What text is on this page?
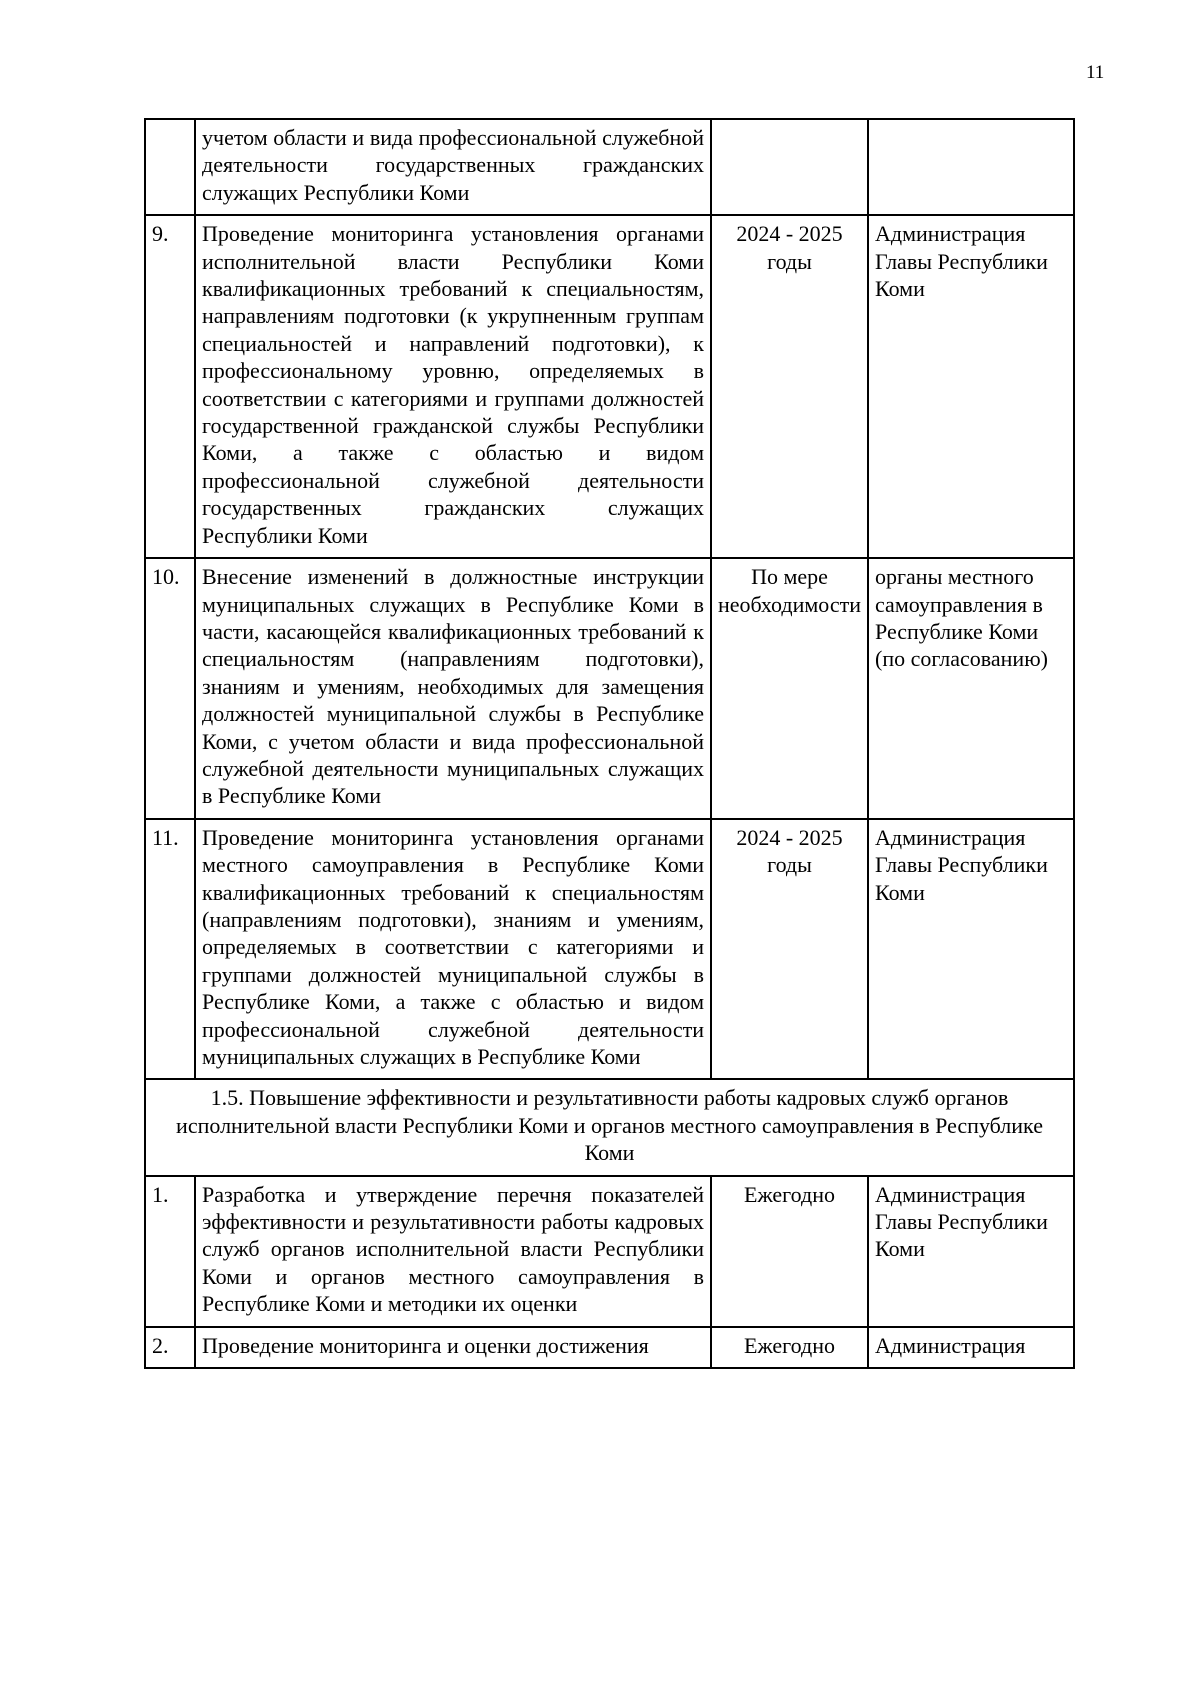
11
	учетом области и вида профессиональной служебной деятельности государственных гражданских служащих Республики Коми		
9.	Проведение мониторинга установления органами исполнительной власти Республики Коми квалификационных требований к специальностям, направлениям подготовки (к укрупненным группам специальностей и направлений подготовки), к профессиональному уровню, определяемых в соответствии с категориями и группами должностей государственной гражданской службы Республики Коми, а также с областью и видом профессиональной служебной деятельности государственных гражданских служащих Республики Коми	2024 - 2025 годы	Администрация Главы Республики Коми
10.	Внесение изменений в должностные инструкции муниципальных служащих в Республике Коми в части, касающейся квалификационных требований к специальностям (направлениям подготовки), знаниям и умениям, необходимых для замещения должностей муниципальной службы в Республике Коми, с учетом области и вида профессиональной служебной деятельности муниципальных служащих в Республике Коми	По мере необходимости	органы местного самоуправления в Республике Коми (по согласованию)
11.	Проведение мониторинга установления органами местного самоуправления в Республике Коми квалификационных требований к специальностям (направлениям подготовки), знаниям и умениям, определяемых в соответствии с категориями и группами должностей муниципальной службы в Республике Коми, а также с областью и видом профессиональной служебной деятельности муниципальных служащих в Республике Коми	2024 - 2025 годы	Администрация Главы Республики Коми
1.5. Повышение эффективности и результативности работы кадровых служб органов исполнительной власти Республики Коми и органов местного самоуправления в Республике Коми			
1.	Разработка и утверждение перечня показателей эффективности и результативности работы кадровых служб органов исполнительной власти Республики Коми и органов местного самоуправления в Республике Коми и методики их оценки	Ежегодно	Администрация Главы Республики Коми
2.	Проведение мониторинга и оценки достижения	Ежегодно	Администрация
